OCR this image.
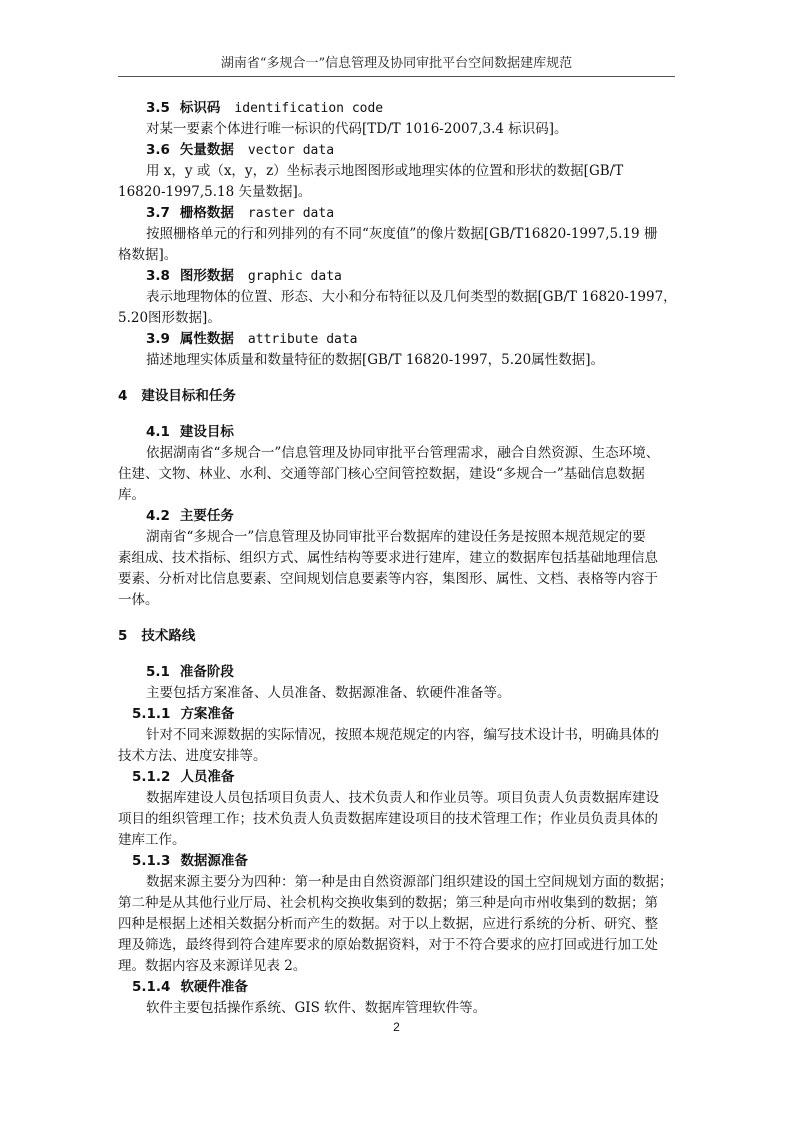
湖南省“多规合一”信息管理及协同审批平台空间数据建库规范
3.5 标识码 identification code
对某一要素个体进行唯一标识的代码[TD/T 1016-2007,3.4 标识码]。
3.6 矢量数据 vector data
用 x，y 或（x，y，z）坐标表示地图图形或地理实体的位置和形状的数据[GB/T
16820-1997,5.18 矢量数据]。
3.7 栅格数据 raster data
按照栅格单元的行和列排列的有不同“灰度值”的像片数据[GB/T16820-1997,5.19 栅
格数据]。
3.8 图形数据 graphic data
表示地理物体的位置、形态、大小和分布特征以及几何类型的数据[GB/T 16820-1997，
5.20图形数据]。
3.9 属性数据 attribute data
描述地理实体质量和数量特征的数据[GB/T 16820-1997，5.20属性数据]。
4 建设目标和任务
4.1 建设目标
依据湖南省“多规合一”信息管理及协同审批平台管理需求，融合自然资源、生态环境、
住建、文物、林业、水利、交通等部门核心空间管控数据，建设“多规合一”基础信息数据
库。
4.2 主要任务
湖南省“多规合一”信息管理及协同审批平台数据库的建设任务是按照本规范规定的要
素组成、技术指标、组织方式、属性结构等要求进行建库，建立的数据库包括基础地理信息
要素、分析对比信息要素、空间规划信息要素等内容，集图形、属性、文档、表格等内容于
一体。
5 技术路线
5.1 准备阶段
主要包括方案准备、人员准备、数据源准备、软硬件准备等。
5.1.1 方案准备
针对不同来源数据的实际情况，按照本规范规定的内容，编写技术设计书，明确具体的
技术方法、进度安排等。
5.1.2 人员准备
数据库建设人员包括项目负责人、技术负责人和作业员等。项目负责人负责数据库建设
项目的组织管理工作；技术负责人负责数据库建设项目的技术管理工作；作业员负责具体的
建库工作。
5.1.3 数据源准备
数据来源主要分为四种：第一种是由自然资源部门组织建设的国土空间规划方面的数据；
第二种是从其他行业厅局、社会机构交换收集到的数据；第三种是向市州收集到的数据；第
四种是根据上述相关数据分析而产生的数据。对于以上数据，应进行系统的分析、研究、整
理及筛选，最终得到符合建库要求的原始数据资料，对于不符合要求的应打回或进行加工处
理。数据内容及来源详见表 2。
5.1.4 软硬件准备
软件主要包括操作系统、GIS 软件、数据库管理软件等。
2
